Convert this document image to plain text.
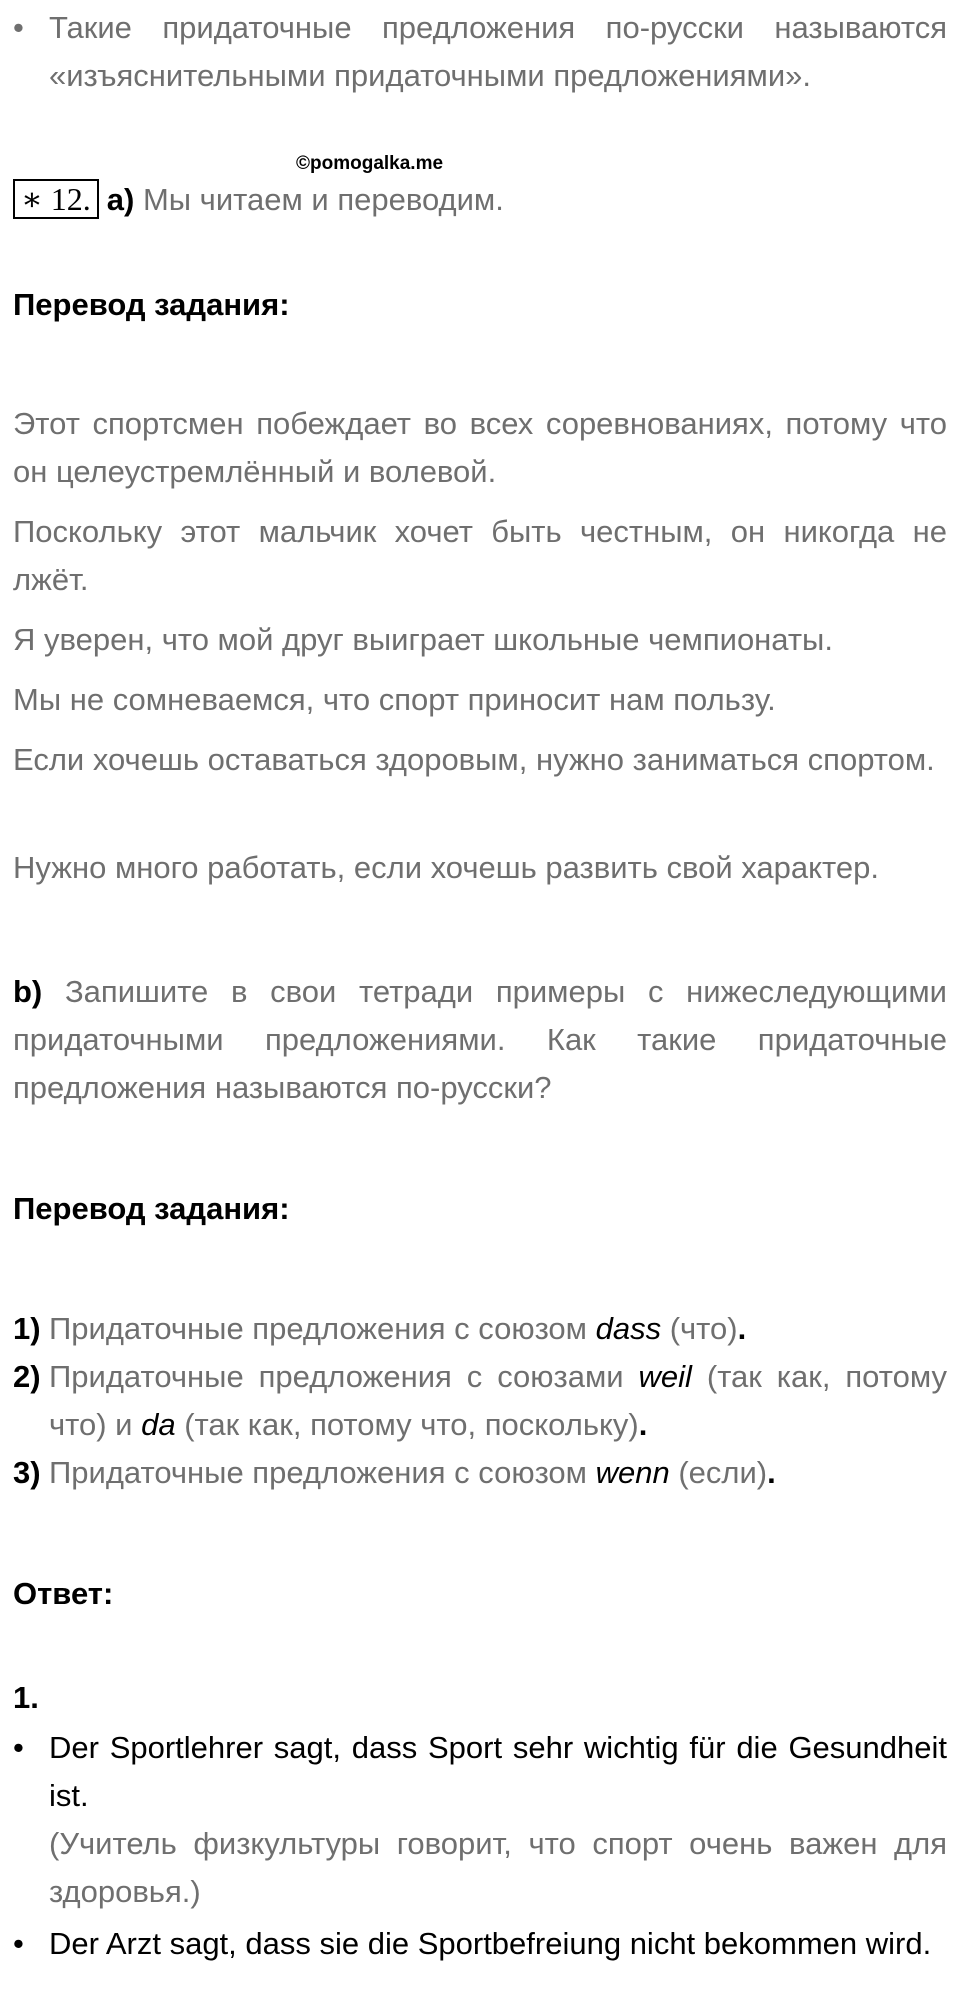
• Такие придаточные предложения по-русски называются «изъяснительными придаточными предложениями».
©pomogalka.me
∗ 12. a) Мы читаем и переводим.
Перевод задания:
Этот спортсмен побеждает во всех соревнованиях, потому что он целеустремлённый и волевой.
Поскольку этот мальчик хочет быть честным, он никогда не лжёт.
Я уверен, что мой друг выиграет школьные чемпионаты.
Мы не сомневаемся, что спорт приносит нам пользу.
Если хочешь оставаться здоровым, нужно заниматься спортом.
Нужно много работать, если хочешь развить свой характер.
b) Запишите в свои тетради примеры с нижеследующими придаточными предложениями. Как такие придаточные предложения называются по-русски?
Перевод задания:
1) Придаточные предложения с союзом dass (что).
2) Придаточные предложения с союзами weil (так как, потому что) и da (так как, потому что, поскольку).
3) Придаточные предложения с союзом wenn (если).
Ответ:
1.
• Der Sportlehrer sagt, dass Sport sehr wichtig für die Gesundheit ist.
(Учитель физкультуры говорит, что спорт очень важен для здоровья.)
• Der Arzt sagt, dass sie die Sportbefreiung nicht bekommen wird.
